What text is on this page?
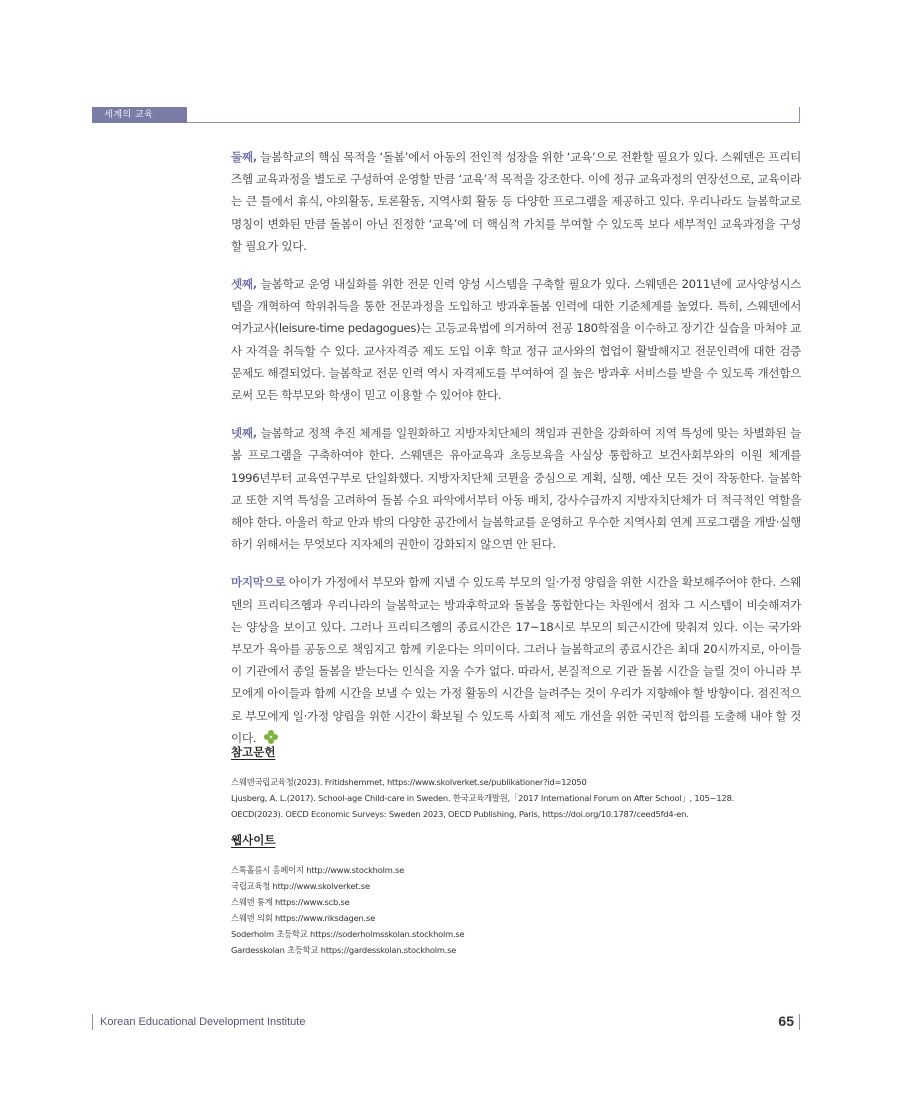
세계의 교육

둘째, 늘봄학교의 핵심 목적을 ‘돌봄’에서 아동의 전인적 성장을 위한 ‘교육’으로 전환할 필요가 있다. 스웨덴은 프리티즈헴 교육과정을 별도로 구성하여 운영할 만큼 ‘교육’적 목적을 강조한다. 이에 정규 교육과정의 연장선으로, 교육이라는 큰 틀에서 휴식, 야외활동, 토론활동, 지역사회 활동 등 다양한 프로그램을 제공하고 있다. 우리나라도 늘봄학교로 명칭이 변화된 만큼 돌봄이 아닌 진정한 ‘교육’에 더 핵심적 가치를 부여할 수 있도록 보다 세부적인 교육과정을 구성할 필요가 있다.

셋째, 늘봄학교 운영 내실화를 위한 전문 인력 양성 시스템을 구축할 필요가 있다. 스웨덴은 2011년에 교사양성시스템을 개혁하여 학위취득을 통한 전문과정을 도입하고 방과후돌봄 인력에 대한 기준체계를 높였다. 특히, 스웨덴에서 여가교사(leisure-time pedagogues)는 고등교육법에 의거하여 전공 180학점을 이수하고 장기간 실습을 마쳐야 교사 자격을 취득할 수 있다. 교사자격증 제도 도입 이후 학교 정규 교사와의 협업이 활발해지고 전문인력에 대한 검증 문제도 해결되었다. 늘봄학교 전문 인력 역시 자격제도를 부여하여 질 높은 방과후 서비스를 받을 수 있도록 개선함으로써 모든 학부모와 학생이 믿고 이용할 수 있어야 한다.

넷째, 늘봄학교 정책 추진 체계를 일원화하고 지방자치단체의 책임과 권한을 강화하여 지역 특성에 맞는 차별화된 늘봄 프로그램을 구축하여야 한다. 스웨덴은 유아교육과 초등보육을 사실상 통합하고 보건사회부와의 이원 체계를 1996년부터 교육연구부로 단일화했다. 지방자치단체 코뮌을 중심으로 계획, 실행, 예산 모든 것이 작동한다. 늘봄학교 또한 지역 특성을 고려하여 돌봄 수요 파악에서부터 아동 배치, 강사수급까지 지방자치단체가 더 적극적인 역할을 해야 한다. 아울러 학교 안과 밖의 다양한 공간에서 늘봄학교를 운영하고 우수한 지역사회 연계 프로그램을 개발·실행하기 위해서는 무엇보다 지자체의 권한이 강화되지 않으면 안 된다.

마지막으로 아이가 가정에서 부모와 함께 지낼 수 있도록 부모의 일·가정 양립을 위한 시간을 확보해주어야 한다. 스웨덴의 프리티즈헴과 우리나라의 늘봄학교는 방과후학교와 돌봄을 통합한다는 차원에서 점차 그 시스템이 비슷해져가는 양상을 보이고 있다. 그러나 프리티즈헴의 종료시간은 17~18시로 부모의 퇴근시간에 맞춰져 있다. 이는 국가와 부모가 육아를 공동으로 책임지고 함께 키운다는 의미이다. 그러나 늘봄학교의 종료시간은 최대 20시까지로, 아이들이 기관에서 종일 돌봄을 받는다는 인식을 지울 수가 없다. 따라서, 본질적으로 기관 돌봄 시간을 늘릴 것이 아니라 부모에게 아이들과 함께 시간을 보낼 수 있는 가정 활동의 시간을 늘려주는 것이 우리가 지향해야 할 방향이다. 점진적으로 부모에게 일·가정 양립을 위한 시간이 확보될 수 있도록 사회적 제도 개선을 위한 국민적 합의를 도출해 내야 할 것이다.

참고문헌
스웨덴국립교육청(2023). Fritidshemmet, https://www.skolverket.se/publikationer?id=12050
Ljusberg, A. L.(2017). School-age Child-care in Sweden. 한국교육개발원,「2017 International Forum on After School」, 105~128.
OECD(2023). OECD Economic Surveys: Sweden 2023, OECD Publishing, Paris, https://doi.org/10.1787/ceed5fd4-en.
웹사이트
스톡홀름시 홈페이지 http://www.stockholm.se
국립교육청 http://www.skolverket.se
스웨덴 통계 https://www.scb.se
스웨덴 의회 https://www.riksdagen.se
Soderholm 초등학교 https://soderholmsskolan.stockholm.se
Gardesskolan 초등학교 https://gardesskolan.stockholm.se
Korean Educational Development Institute	65
